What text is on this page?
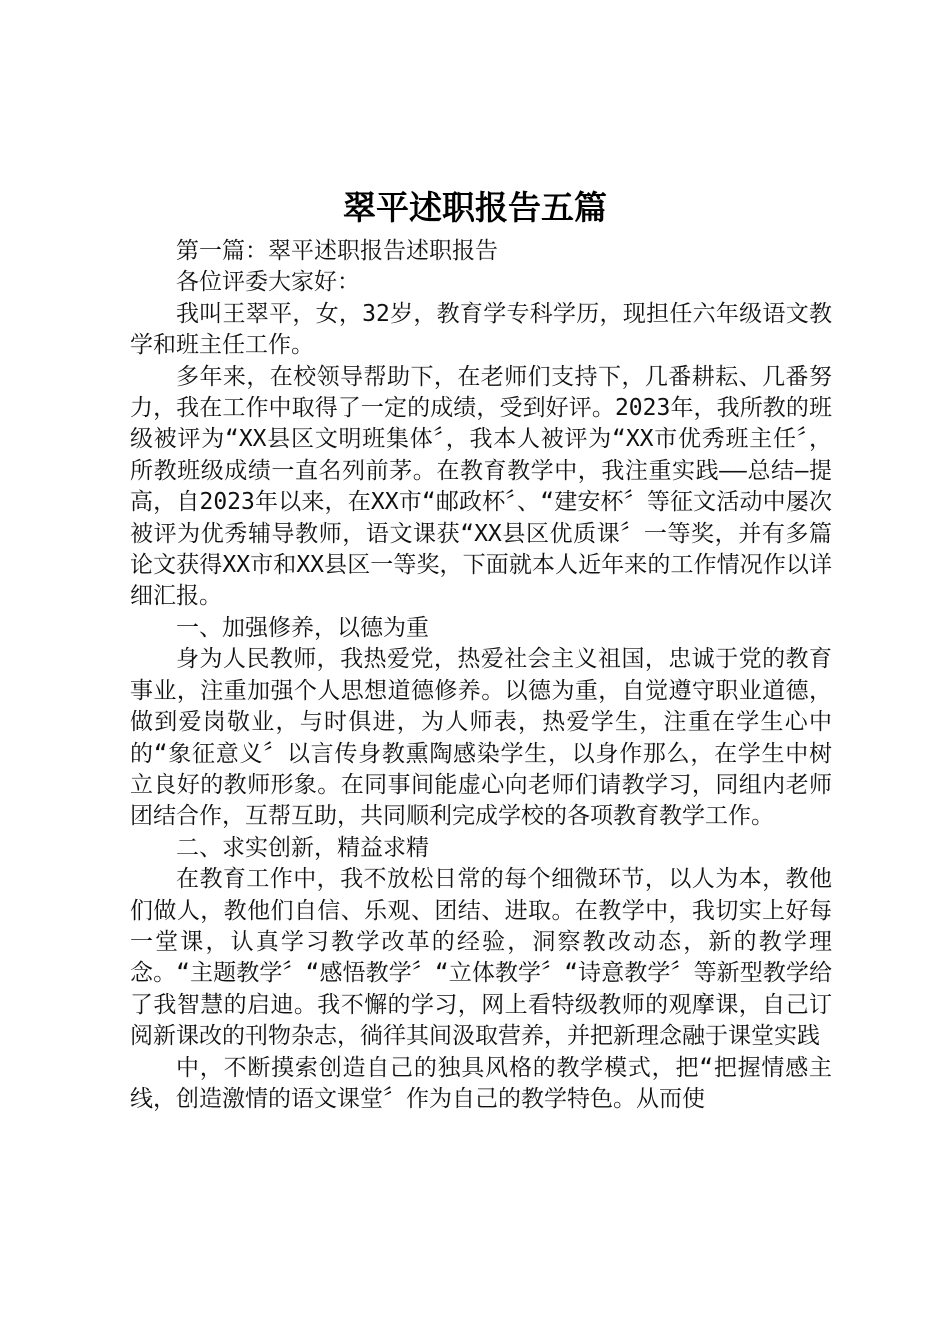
翠平述职报告五篇

第一篇：翠平述职报告述职报告

各位评委大家好：

我叫王翠平，女，32岁，教育学专科学历，现担任六年级语文教学和班主任工作。

多年来，在校领导帮助下，在老师们支持下，几番耕耘、几番努力，我在工作中取得了一定的成绩，受到好评。2023年，我所教的班级被评为“XX县区文明班集体〞，我本人被评为“XX市优秀班主任〞，所教班级成绩一直名列前茅。在教育教学中，我注重实践——总结—提高，自2023年以来，在XX市“邮政杯〞、“建安杯〞等征文活动中屡次被评为优秀辅导教师，语文课获“XX县区优质课〞一等奖，并有多篇论文获得XX市和XX县区一等奖，下面就本人近年来的工作情况作以详细汇报。

一、加强修养，以德为重

身为人民教师，我热爱党，热爱社会主义祖国，忠诚于党的教育事业，注重加强个人思想道德修养。以德为重，自觉遵守职业道德，做到爱岗敬业，与时俱进，为人师表，热爱学生，注重在学生心中的“象征意义〞以言传身教熏陶感染学生，以身作那么，在学生中树立良好的教师形象。在同事间能虚心向老师们请教学习，同组内老师团结合作，互帮互助，共同顺利完成学校的各项教育教学工作。

二、求实创新，精益求精

在教育工作中，我不放松日常的每个细微环节，以人为本，教他们做人，教他们自信、乐观、团结、进取。在教学中，我切实上好每一堂课，认真学习教学改革的经验，洞察教改动态，新的教学理念。“主题教学〞“感悟教学〞“立体教学〞“诗意教学〞等新型教学给了我智慧的启迪。我不懈的学习，网上看特级教师的观摩课，自己订阅新课改的刊物杂志，徜徉其间汲取营养，并把新理念融于课堂实践

中，不断摸索创造自己的独具风格的教学模式，把“把握情感主线，创造激情的语文课堂〞作为自己的教学特色。从而使
